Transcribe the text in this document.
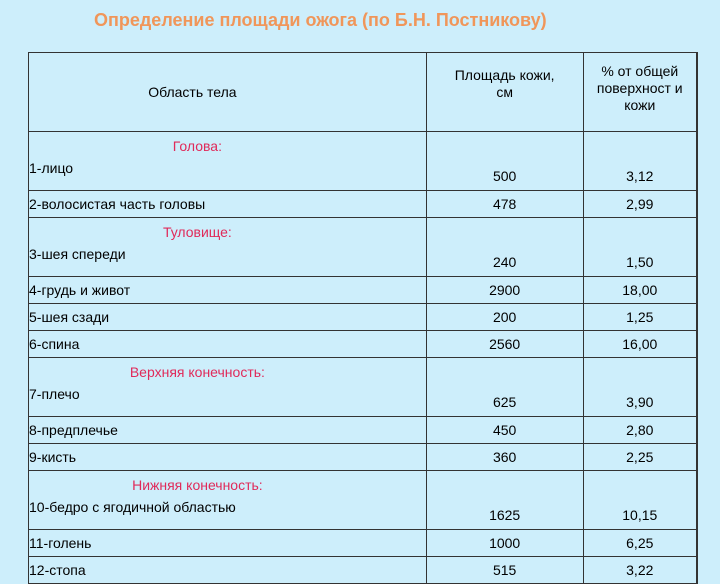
Определение площади ожога (по Б.Н. Постникову)
Область тела	Площадь кожи, см	% от общей поверхност и кожи

Голова:
1-лицо	500	3,12
2-волосистая часть головы	478	2,99

Туловище:
3-шея спереди	240	1,50
4-грудь и живот	2900	18,00
5-шея сзади	200	1,25
6-спина	2560	16,00

Верхняя конечность:
7-плечо	625	3,90
8-предплечье	450	2,80
9-кисть	360	2,25

Нижняя конечность:
10-бедро с ягодичной областью	1625	10,15
11-голень	1000	6,25
12-стопа	515	3,22
